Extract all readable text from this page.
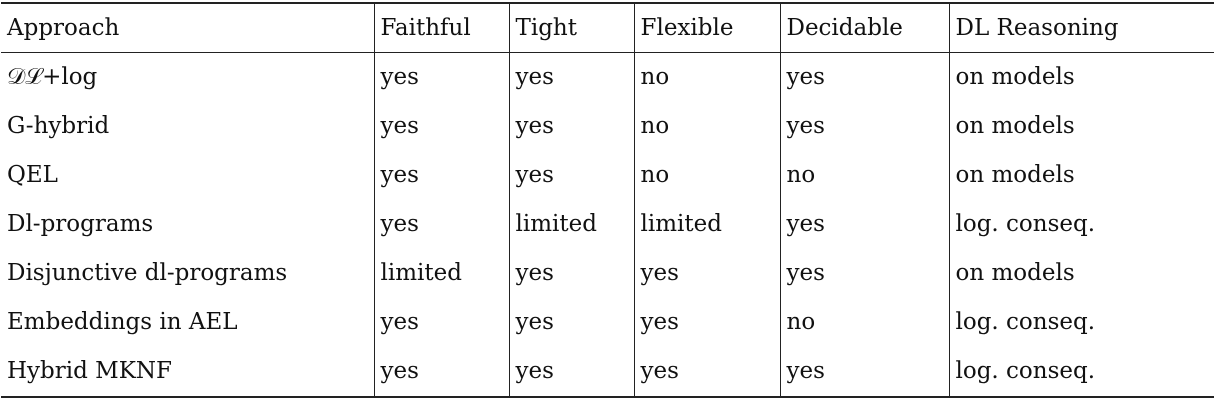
Approach	Faithful	Tight	Flexible	Decidable	DL Reasoning
𝒟ℒ+log	yes	yes	no	yes	on models
G-hybrid	yes	yes	no	yes	on models
QEL	yes	yes	no	no	on models
Dl-programs	yes	limited	limited	yes	log. conseq.
Disjunctive dl-programs	limited	yes	yes	yes	on models
Embeddings in AEL	yes	yes	yes	no	log. conseq.
Hybrid MKNF	yes	yes	yes	yes	log. conseq.
